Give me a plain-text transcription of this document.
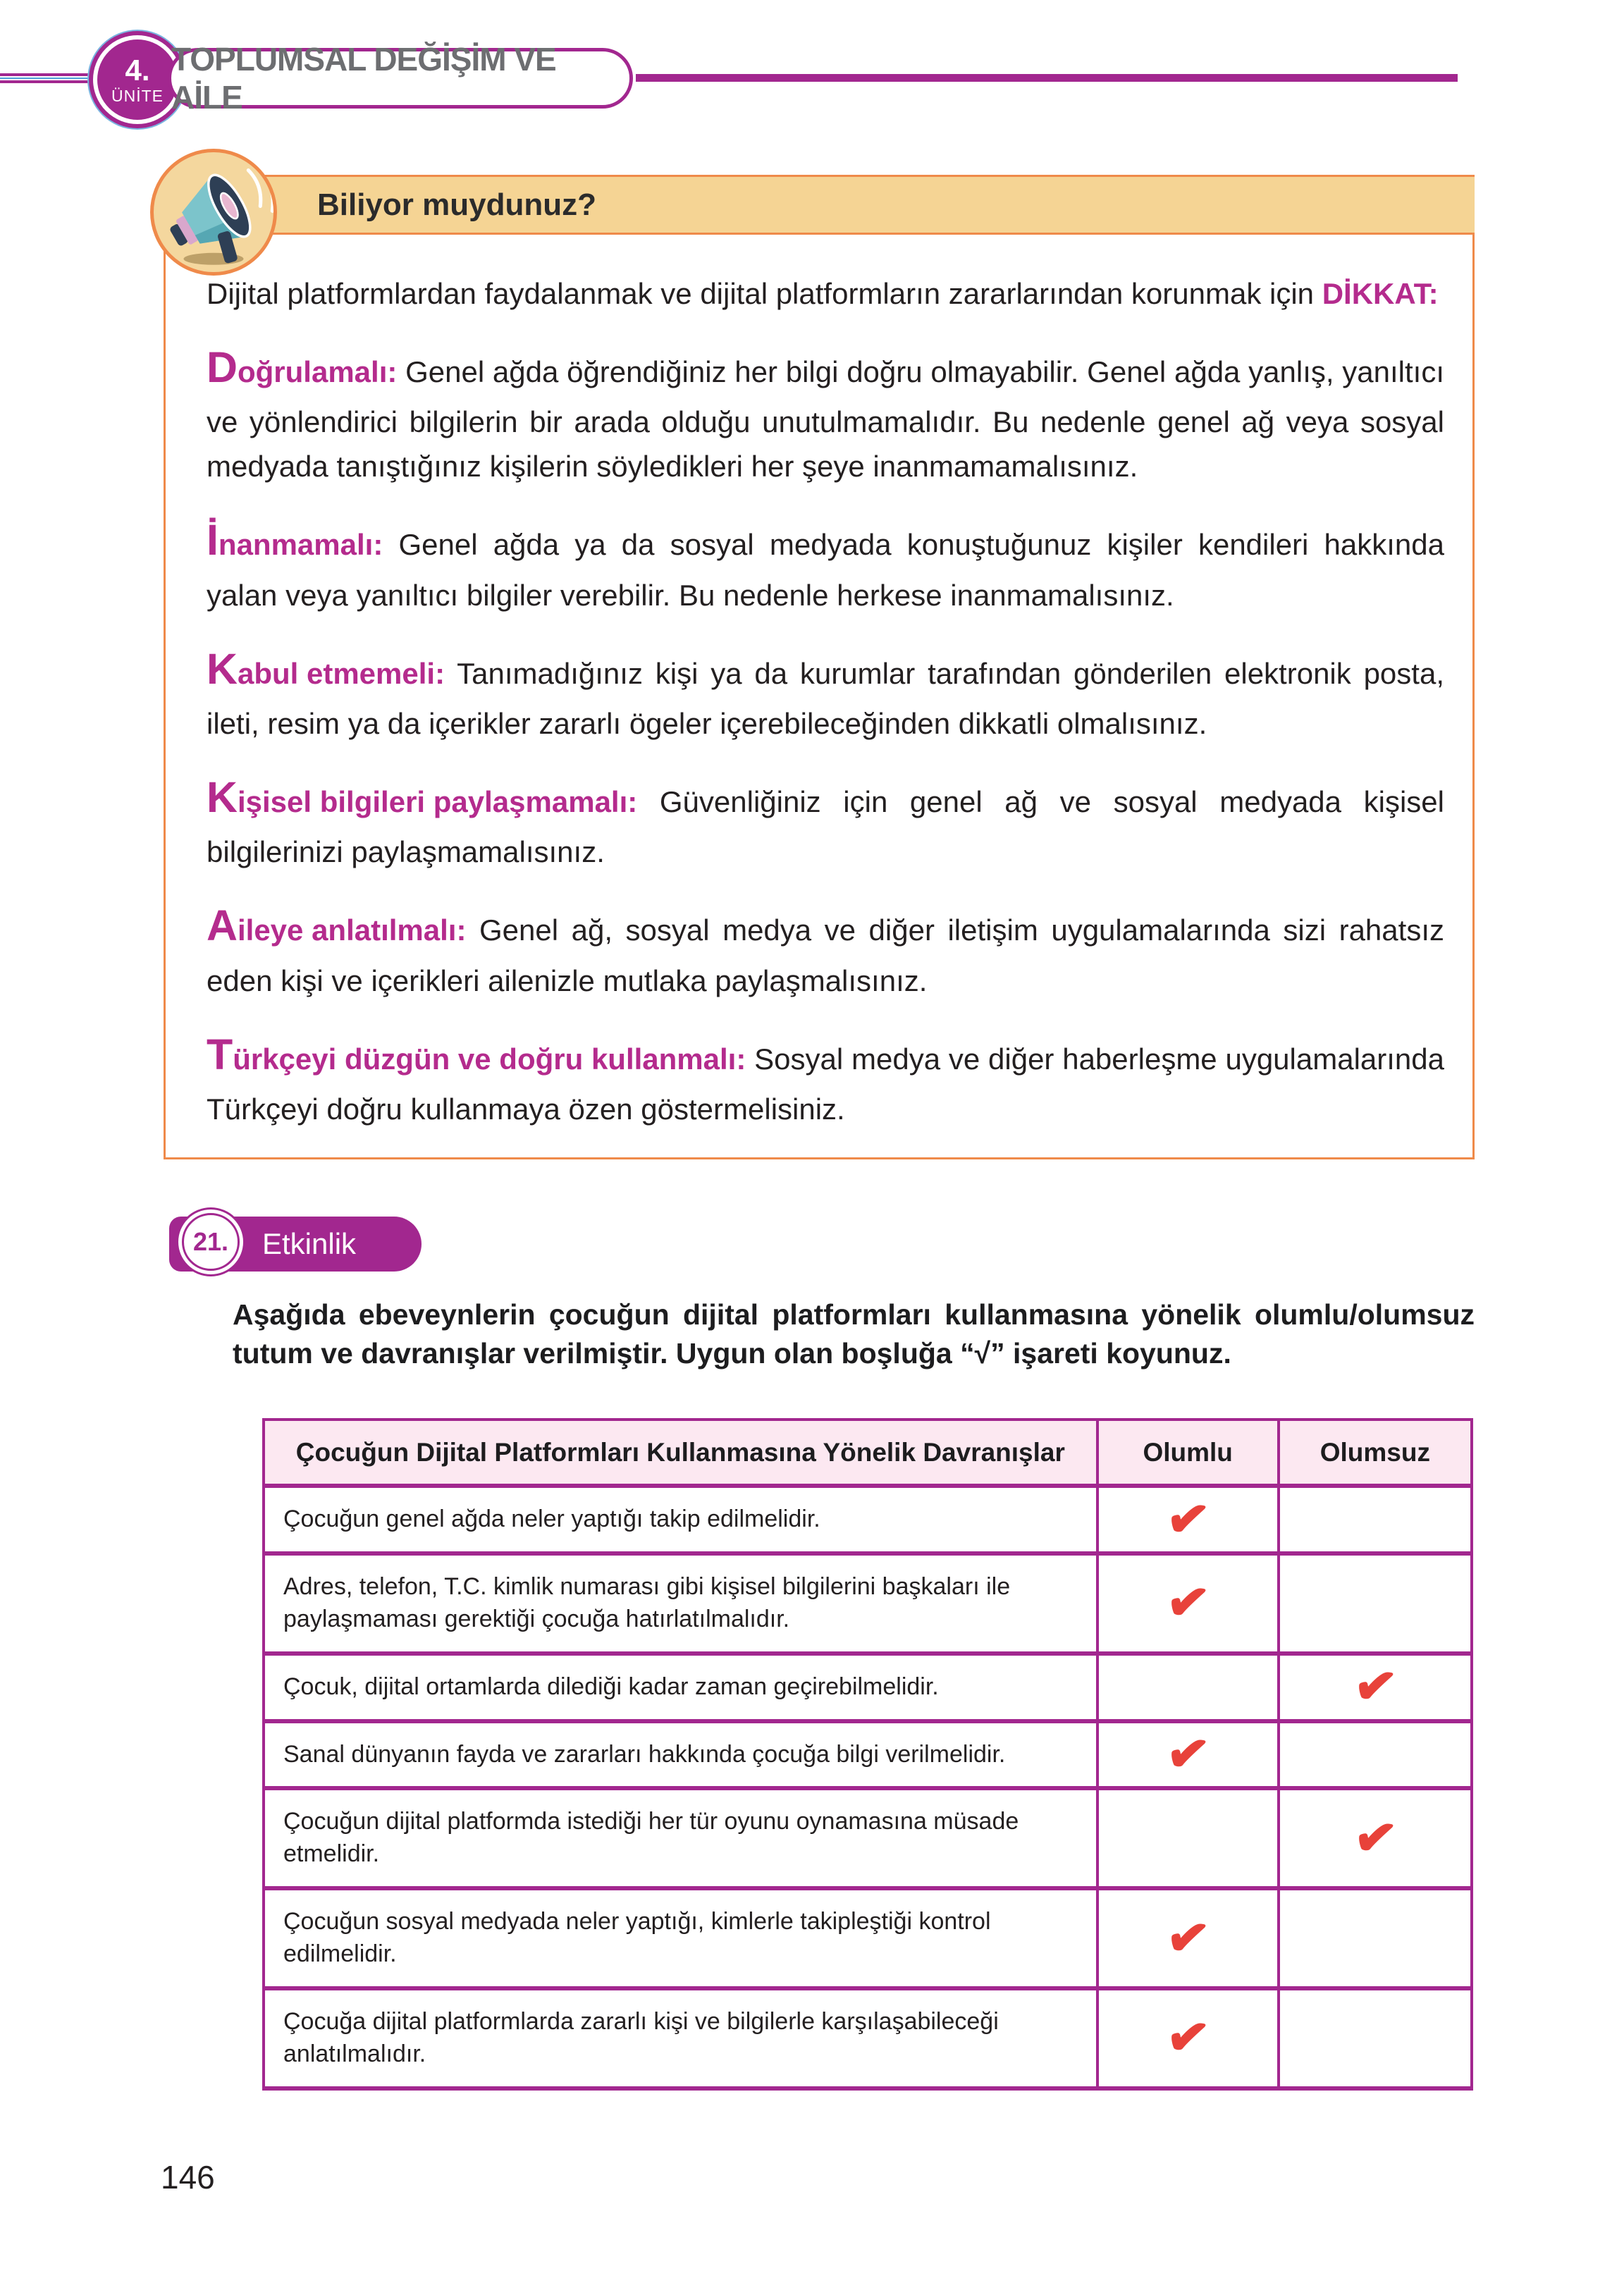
4.
ÜNİTE
TOPLUMSAL DEĞİŞİM VE AİLE
Biliyor muydunuz?

Dijital platformlardan faydalanmak ve dijital platformların zararlarından korunmak için DİKKAT:

Doğrulamalı: Genel ağda öğrendiğiniz her bilgi doğru olmayabilir. Genel ağda yanlış, yanıltıcı ve yönlendirici bilgilerin bir arada olduğu unutulmamalıdır. Bu nedenle genel ağ veya sosyal medyada tanıştığınız kişilerin söyledikleri her şeye inanmamamalısınız.

İnanmamalı: Genel ağda ya da sosyal medyada konuştuğunuz kişiler kendileri hakkında yalan veya yanıltıcı bilgiler verebilir. Bu nedenle herkese inanmamalısınız.

Kabul etmemeli: Tanımadığınız kişi ya da kurumlar tarafından gönderilen elektronik posta, ileti, resim ya da içerikler zararlı ögeler içerebileceğinden dikkatli olmalısınız.

Kişisel bilgileri paylaşmamalı: Güvenliğiniz için genel ağ ve sosyal medyada kişisel bilgilerinizi paylaşmamalısınız.

Aileye anlatılmalı: Genel ağ, sosyal medya ve diğer iletişim uygulamalarında sizi rahatsız eden kişi ve içerikleri ailenizle mutlaka paylaşmalısınız.

Türkçeyi düzgün ve doğru kullanmalı: Sosyal medya ve diğer haberleşme uygulamalarında Türkçeyi doğru kullanmaya özen göstermelisiniz.

21.	Etkinlik
Aşağıda ebeveynlerin çocuğun dijital platformları kullanmasına yönelik olumlu/olumsuz tutum ve davranışlar verilmiştir. Uygun olan boşluğa “√” işareti koyunuz.
Çocuğun Dijital Platformları Kullanmasına Yönelik Davranışlar	Olumlu	Olumsuz
Çocuğun genel ağda neler yaptığı takip edilmelidir.	✔	
Adres, telefon, T.C. kimlik numarası gibi kişisel bilgilerini başkaları ile paylaşmaması gerektiği çocuğa hatırlatılmalıdır.	✔	
Çocuk, dijital ortamlarda dilediği kadar zaman geçirebilmelidir.		✔
Sanal dünyanın fayda ve zararları hakkında çocuğa bilgi verilmelidir.	✔	
Çocuğun dijital platformda istediği her tür oyunu oynamasına müsade etmelidir.		✔
Çocuğun sosyal medyada neler yaptığı, kimlerle takipleştiği kontrol edilmelidir.	✔	
Çocuğa dijital platformlarda zararlı kişi ve bilgilerle karşılaşabileceği anlatılmalıdır.	✔	
146
